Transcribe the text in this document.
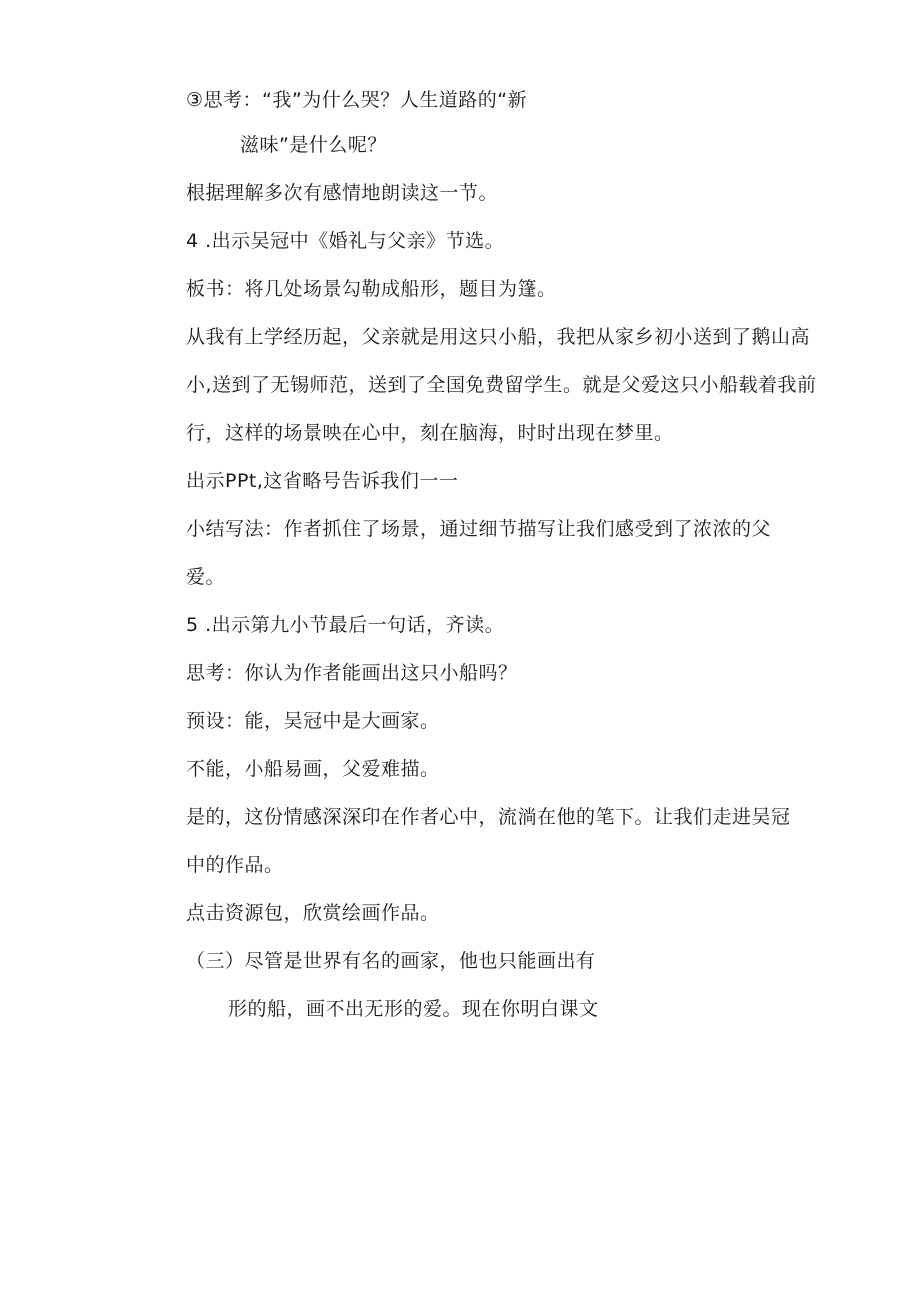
③思考：“我”为什么哭？人生道路的“新
滋味”是什么呢？
根据理解多次有感情地朗读这一节。
4 .出示吴冠中《婚礼与父亲》节选。
板书：将几处场景勾勒成船形，题目为篷。
从我有上学经历起，父亲就是用这只小船，我把从家乡初小送到了鹅山高
小,送到了无锡师范，送到了全国免费留学生。就是父爱这只小船载着我前
行，这样的场景映在心中，刻在脑海，时时出现在梦里。
出示PPt,这省略号告诉我们一一
小结写法：作者抓住了场景，通过细节描写让我们感受到了浓浓的父
爱。
5 .出示第九小节最后一句话，齐读。
思考：你认为作者能画出这只小船吗？
预设：能，吴冠中是大画家。
不能，小船易画，父爱难描。
是的，这份情感深深印在作者心中，流淌在他的笔下。让我们走进吴冠
中的作品。
点击资源包，欣赏绘画作品。
（三）尽管是世界有名的画家，他也只能画出有
形的船，画不出无形的爱。现在你明白课文
